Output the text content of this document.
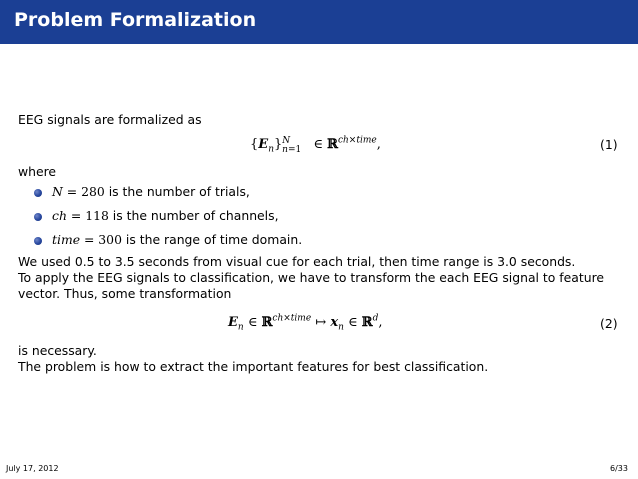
Problem Formalization
EEG signals are formalized as
$\{E_n\}^N_{n=1}$ ∈ ℝ$^{ch\times time}$,	(1)
where
N = 280 is the number of trials,
ch = 118 is the number of channels,
time = 300 is the range of time domain.
We used 0.5 to 3.5 seconds from visual cue for each trial, then time range is 3.0 seconds.
To apply the EEG signals to classification, we have to transform the each EEG signal to feature
vector. Thus, some transformation
$E_n$ ∈ ℝ$^{ch\times time}$ ↦ $x_n$ ∈ ℝ$^d$,	(2)
is necessary.
The problem is how to extract the important features for best classification.
July 17, 2012	6/33
